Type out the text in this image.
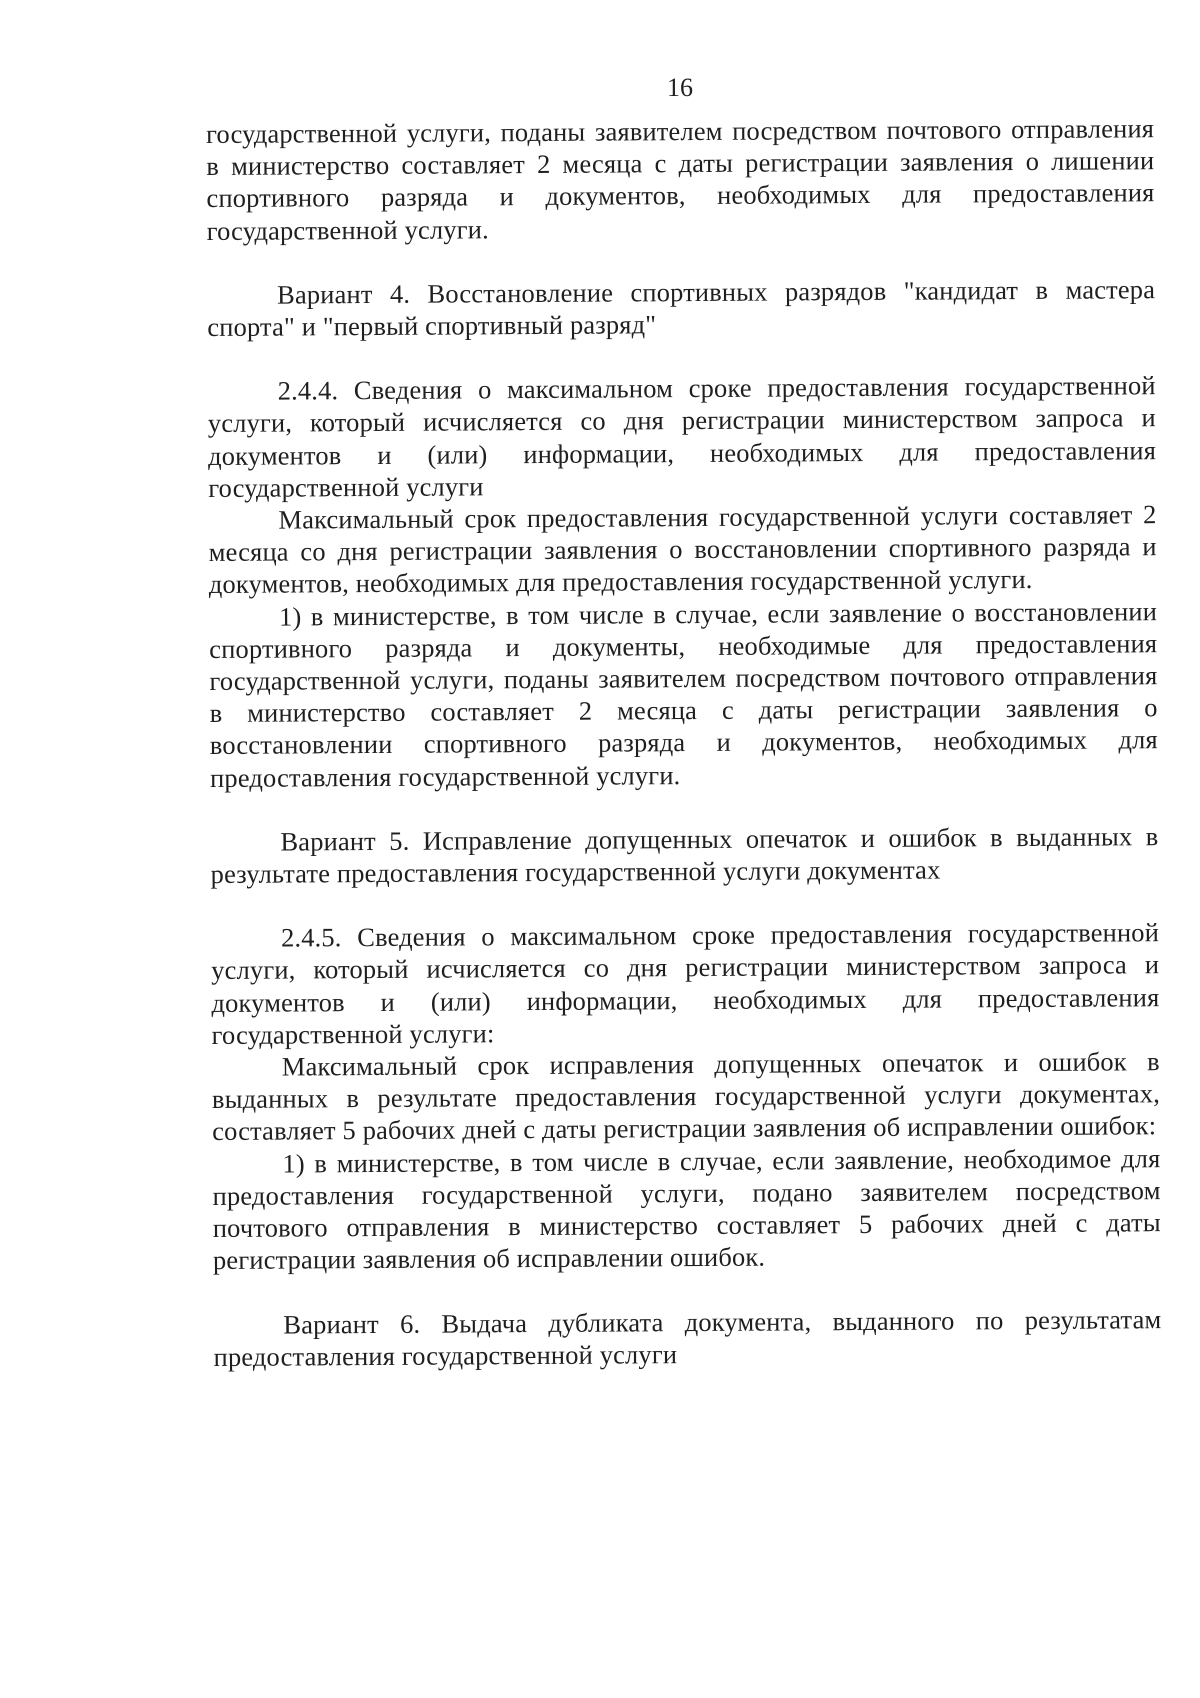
16

государственной услуги, поданы заявителем посредством почтового отправления в министерство составляет 2 месяца с даты регистрации заявления о лишении спортивного разряда и документов, необходимых для предоставления государственной услуги.

Вариант 4. Восстановление спортивных разрядов "кандидат в мастера спорта" и "первый спортивный разряд"

2.4.4. Сведения о максимальном сроке предоставления государственной услуги, который исчисляется со дня регистрации министерством запроса и документов и (или) информации, необходимых для предоставления государственной услуги

Максимальный срок предоставления государственной услуги составляет 2 месяца со дня регистрации заявления о восстановлении спортивного разряда и документов, необходимых для предоставления государственной услуги.

1) в министерстве, в том числе в случае, если заявление о восстановлении спортивного разряда и документы, необходимые для предоставления государственной услуги, поданы заявителем посредством почтового отправления в министерство составляет 2 месяца с даты регистрации заявления о восстановлении спортивного разряда и документов, необходимых для предоставления государственной услуги.

Вариант 5. Исправление допущенных опечаток и ошибок в выданных в результате предоставления государственной услуги документах

2.4.5. Сведения о максимальном сроке предоставления государственной услуги, который исчисляется со дня регистрации министерством запроса и документов и (или) информации, необходимых для предоставления государственной услуги:

Максимальный срок исправления допущенных опечаток и ошибок в выданных в результате предоставления государственной услуги документах, составляет 5 рабочих дней с даты регистрации заявления об исправлении ошибок:

1) в министерстве, в том числе в случае, если заявление, необходимое для предоставления государственной услуги, подано заявителем посредством почтового отправления в министерство составляет 5 рабочих дней с даты регистрации заявления об исправлении ошибок.

Вариант 6. Выдача дубликата документа, выданного по результатам предоставления государственной услуги
